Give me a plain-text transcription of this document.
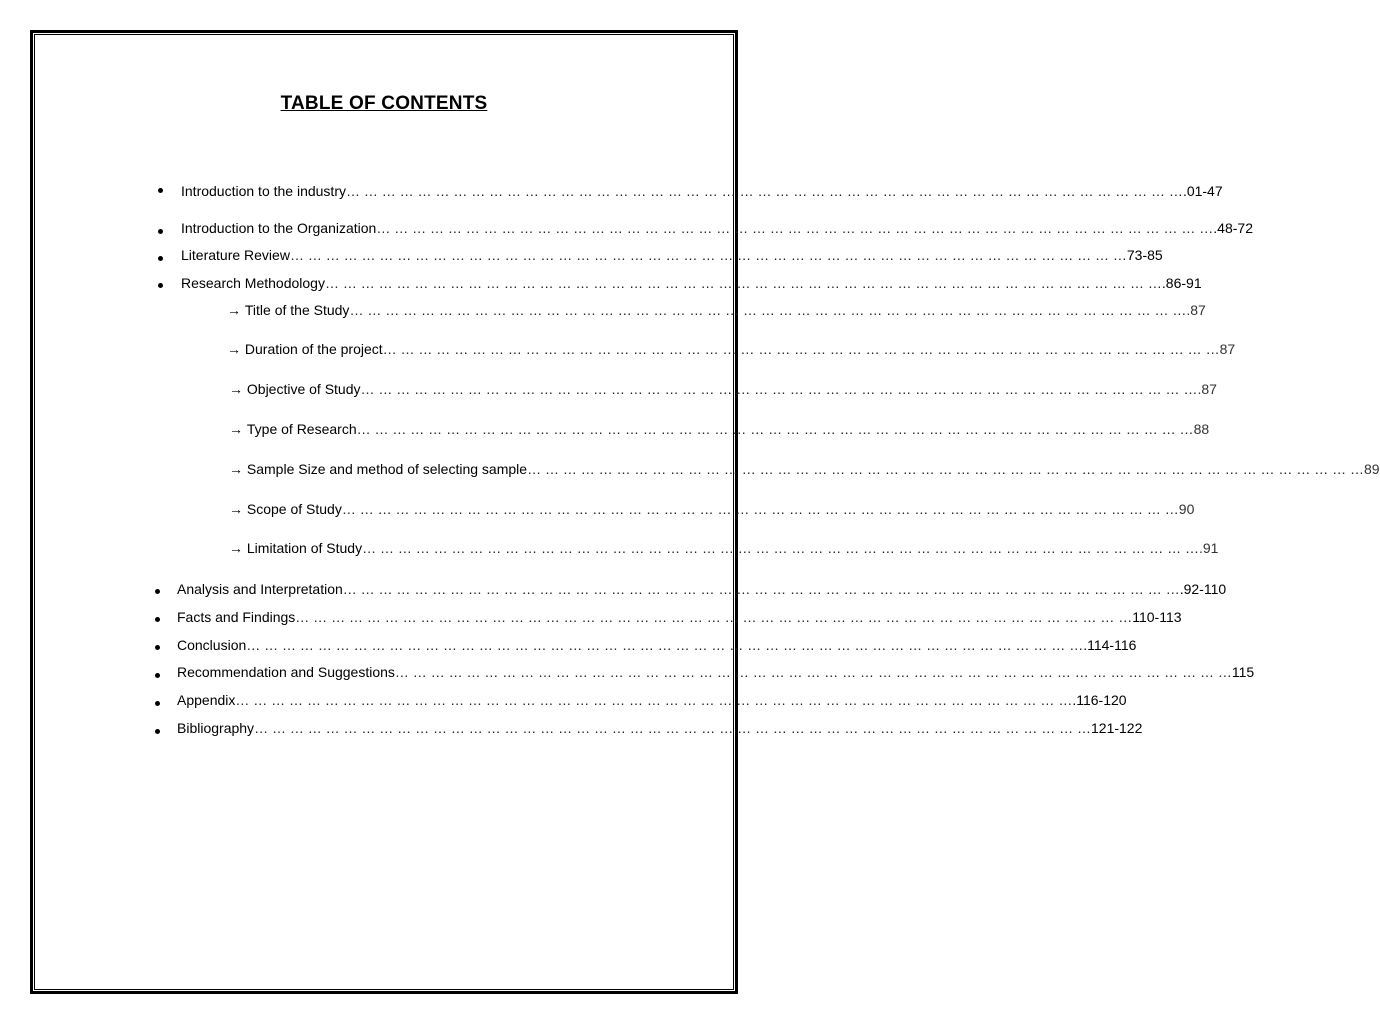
TABLE OF CONTENTS
Introduction to the industry … … … … … … … … … … … … … … … … … … … … … … … … … … … … … … … … … … … … … … … … … … … … … … … .01-47
Introduction to the Organization … … … … … … … … … … … … … … … … … … … … … … … … … … … … … … … … … … … … … … … … … … … … … … … .48-72
Literature Review … … … … … … … … … … … … … … … … … … … … … … … … … … … … … … … … … … … … … … … … … … … … … … … 73-85
Research Methodology … … … … … … … … … … … … … … … … … … … … … … … … … … … … … … … … … … … … … … … … … … … … … … … .86-91
→ Title of the Study … … … … … … … … … … … … … … … … … … … … … … … … … … … … … … … … … … … … … … … … … … … … … … … .87
→ Duration of the project … … … … … … … … … … … … … … … … … … … … … … … … … … … … … … … … … … … … … … … … … … … … … … … 87
→ Objective of Study … … … … … … … … … … … … … … … … … … … … … … … … … … … … … … … … … … … … … … … … … … … … … … … .87
→ Type of Research … … … … … … … … … … … … … … … … … … … … … … … … … … … … … … … … … … … … … … … … … … … … … … … 88
→ Sample Size and method of selecting sample … … … … … … … … … … … … … … … … … … … … … … … … … … … … … … … … … … … … … … … … … … … … … … … 89
→ Scope of Study … … … … … … … … … … … … … … … … … … … … … … … … … … … … … … … … … … … … … … … … … … … … … … … 90
→ Limitation of Study … … … … … … … … … … … … … … … … … … … … … … … … … … … … … … … … … … … … … … … … … … … … … … … .91
Analysis and Interpretation … … … … … … … … … … … … … … … … … … … … … … … … … … … … … … … … … … … … … … … … … … … … … … … .92-110
Facts and Findings … … … … … … … … … … … … … … … … … … … … … … … … … … … … … … … … … … … … … … … … … … … … … … … 110-113
Conclusion … … … … … … … … … … … … … … … … … … … … … … … … … … … … … … … … … … … … … … … … … … … … … … … .114-116
Recommendation and Suggestions … … … … … … … … … … … … … … … … … … … … … … … … … … … … … … … … … … … … … … … … … … … … … … … 115
Appendix … … … … … … … … … … … … … … … … … … … … … … … … … … … … … … … … … … … … … … … … … … … … … … … .116-120
Bibliography … … … … … … … … … … … … … … … … … … … … … … … … … … … … … … … … … … … … … … … … … … … … … … … 121-122
